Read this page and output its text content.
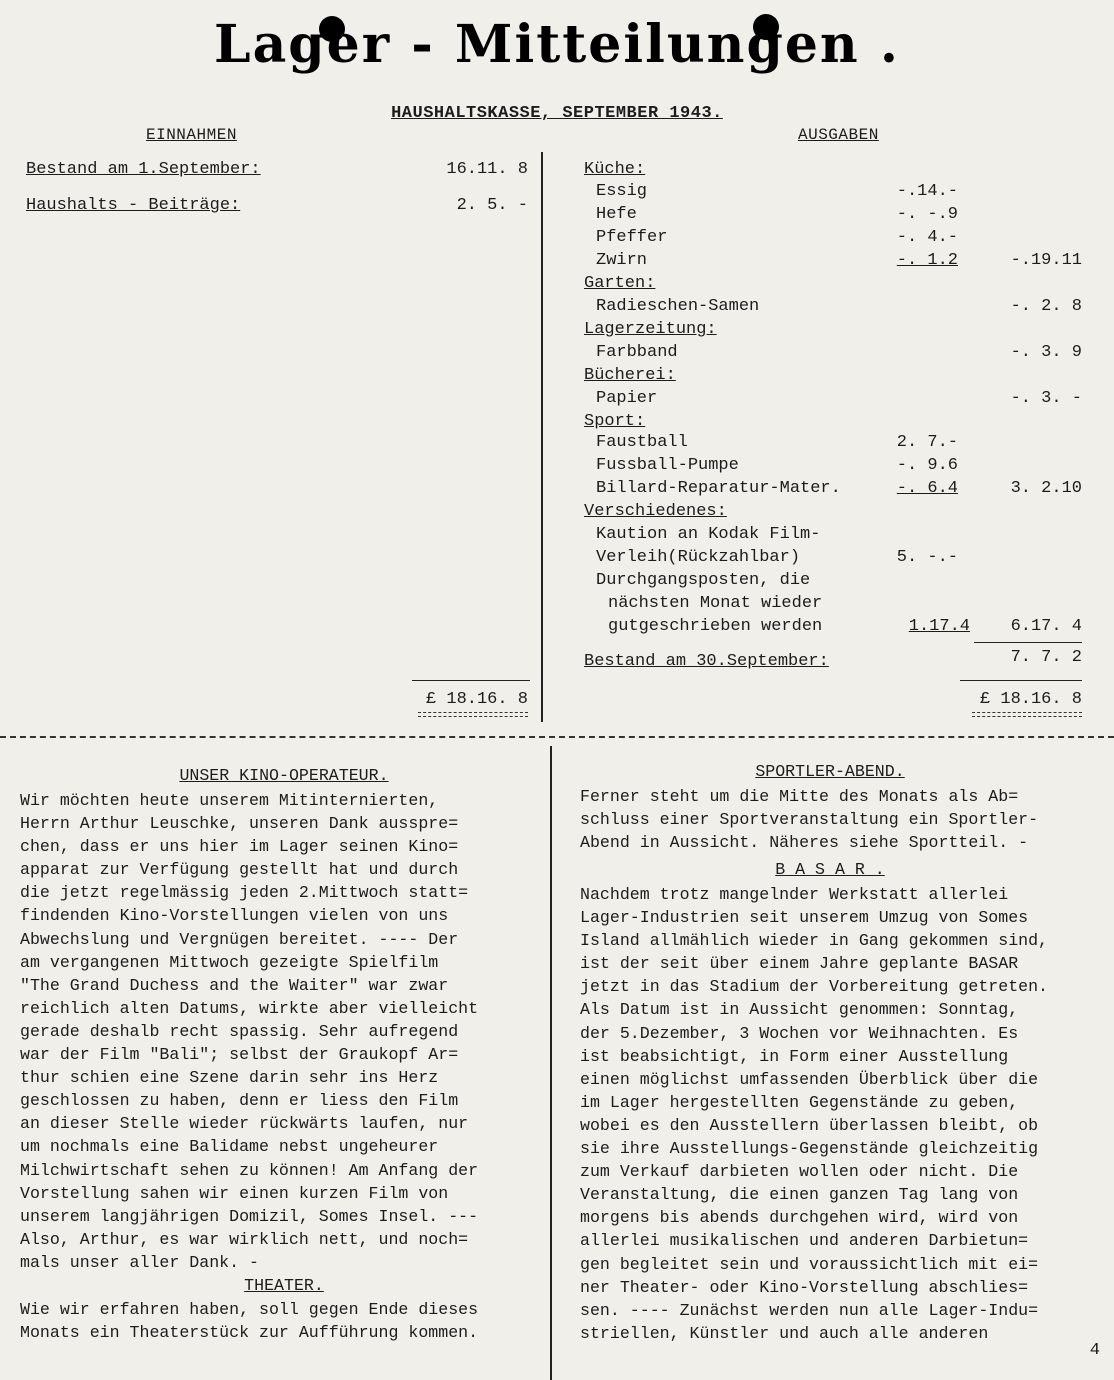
Lager - Mitteilungen .
HAUSHALTSKASSE, SEPTEMBER 1943.
EINNAHMEN	AUSGABEN
Bestand am 1.September:	16.11. 8
Haushalts - Beiträge:	2. 5. -
£ 18.16. 8
Küche:
Essig	-.14.-
Hefe	-. -.9
Pfeffer	-. 4.-
Zwirn	-. 1.2	-.19.11
Garten:
Radieschen-Samen	-. 2. 8
Lagerzeitung:
Farbband	-. 3. 9
Bücherei:
Papier	-. 3. -
Sport:
Faustball	2. 7.-
Fussball-Pumpe	-. 9.6
Billard-Reparatur-Mater.	-. 6.4	3. 2.10
Verschiedenes:
Kaution an Kodak Film-
Verleih(Rückzahlbar)	5. -.-
Durchgangsposten, die
nächsten Monat wieder
gutgeschrieben werden	1.17.4	6.17. 4
Bestand am 30.September:	7. 7. 2
£ 18.16. 8
UNSER KINO-OPERATEUR.
Wir möchten heute unserem Mitinternierten,
Herrn Arthur Leuschke, unseren Dank ausspre=
chen, dass er uns hier im Lager seinen Kino=
apparat zur Verfügung gestellt hat und durch
die jetzt regelmässig jeden 2.Mittwoch statt=
findenden Kino-Vorstellungen vielen von uns
Abwechslung und Vergnügen bereitet. ---- Der
am vergangenen Mittwoch gezeigte Spielfilm
"The Grand Duchess and the Waiter" war zwar
reichlich alten Datums, wirkte aber vielleicht
gerade deshalb recht spassig. Sehr aufregend
war der Film "Bali"; selbst der Graukopf Ar=
thur schien eine Szene darin sehr ins Herz
geschlossen zu haben, denn er liess den Film
an dieser Stelle wieder rückwärts laufen, nur
um nochmals eine Balidame nebst ungeheurer
Milchwirtschaft sehen zu können! Am Anfang der
Vorstellung sahen wir einen kurzen Film von
unserem langjährigen Domizil, Somes Insel. ---
Also, Arthur, es war wirklich nett, und noch=
mals unser aller Dank. -
THEATER.
Wie wir erfahren haben, soll gegen Ende dieses
Monats ein Theaterstück zur Aufführung kommen.
SPORTLER-ABEND.
Ferner steht um die Mitte des Monats als Ab=
schluss einer Sportveranstaltung ein Sportler-
Abend in Aussicht. Näheres siehe Sportteil. -
B A S A R .
Nachdem trotz mangelnder Werkstatt allerlei
Lager-Industrien seit unserem Umzug von Somes
Island allmählich wieder in Gang gekommen sind,
ist der seit über einem Jahre geplante BASAR
jetzt in das Stadium der Vorbereitung getreten.
Als Datum ist in Aussicht genommen: Sonntag,
der 5.Dezember, 3 Wochen vor Weihnachten. Es
ist beabsichtigt, in Form einer Ausstellung
einen möglichst umfassenden Überblick über die
im Lager hergestellten Gegenstände zu geben,
wobei es den Ausstellern überlassen bleibt, ob
sie ihre Ausstellungs-Gegenstände gleichzeitig
zum Verkauf darbieten wollen oder nicht. Die
Veranstaltung, die einen ganzen Tag lang von
morgens bis abends durchgehen wird, wird von
allerlei musikalischen und anderen Darbietun=
gen begleitet sein und voraussichtlich mit ei=
ner Theater- oder Kino-Vorstellung abschlies=
sen. ---- Zunächst werden nun alle Lager-Indu=
striellen, Künstler und auch alle anderen
4
